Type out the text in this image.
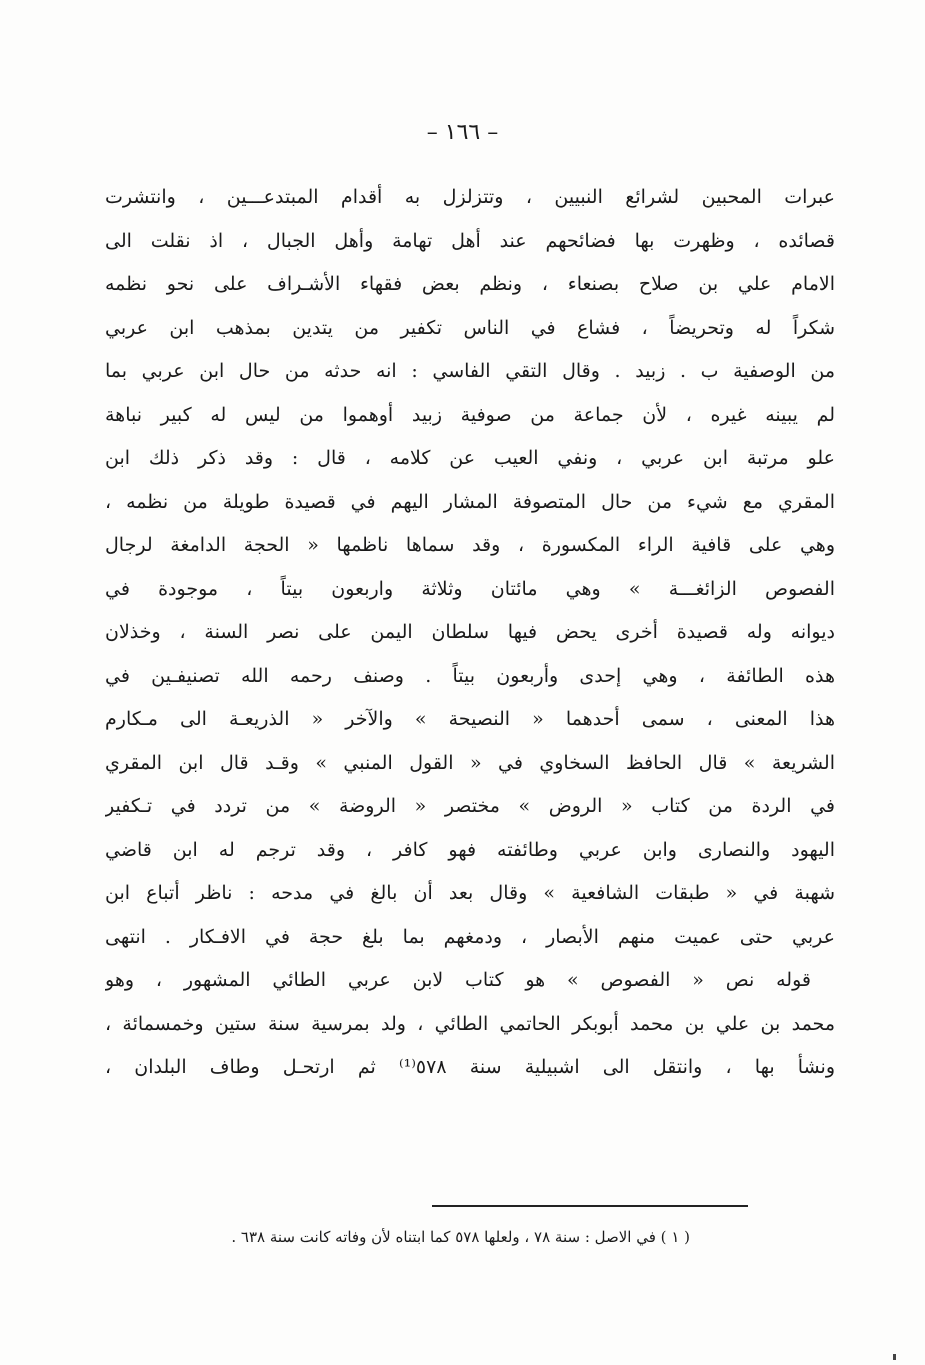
– ١٦٦ –
عبرات المحبين لشرائع النبيين ، وتتزلزل به أقدام المبتدعـــين ، وانتشرت
قصائده ، وظهرت بها فضائحهم عند أهل تهامة وأهل الجبال ، اذ نقلت الى
الامام علي بن صلاح بصنعاء ، ونظم بعض فقهاء الأشـراف على نحو نظمه
شكراً له وتحريضاً ، فشاع في الناس تكفير من يتدين بمذهب ابن عربي
من الوصفية ب . زبيد . وقال التقي الفاسي : انه حدثه من حال ابن عربي بما
لم يبينه غيره ، لأن جماعة من صوفية زبيد أوهموا من ليس له كبير نباهة
علو مرتبة ابن عربي ، ونفي العيب عن كلامه ، قال : وقد ذكر ذلك ابن
المقري مع شيء من حال المتصوفة المشار اليهم في قصيدة طويلة من نظمه ،
وهي على قافية الراء المكسورة ، وقد سماها ناظمها « الحجة الدامغة لرجال
الفصوص الزائغـــة » وهي مائتان وثلاثة واربعون بيتاً ، موجودة في
ديوانه وله قصيدة أخرى يحض فيها سلطان اليمن على نصر السنة ، وخذلان
هذه الطائفة ، وهي إحدى وأربعون بيتاً . وصنف رحمه الله تصنيفـين في
هذا المعنى ، سمى أحدهما « النصيحة » والآخر « الذريعـة الى مـكارم
الشريعة » قال الحافظ السخاوي في « القول المنبي » وقـد قال ابن المقري
في الردة من كتاب « الروض » مختصر « الروضة » من تردد في تـكفير
اليهود والنصارى وابن عربي وطائفته فهو كافر ، وقد ترجم له ابن قاضي
شهبة في « طبقات الشافعية » وقال بعد أن بالغ في مدحه : ناظر أتباع ابن
عربي حتى عميت منهم الأبصار ، ودمغهم بما بلغ حجة في الافـكار . انتهى
قوله نص « الفصوص » هو كتاب لابن عربي الطائي المشهور ، وهو
محمد بن علي بن محمد أبوبكر الحاتمي الطائي ، ولد بمرسية سنة ستين وخمسمائة ،
ونشأ بها ، وانتقل الى اشبيلية سنة ٥٧٨⁽¹⁾ ثم ارتحـل وطاف البلدان ،
( ١ ) في الاصل : سنة ٧٨ ، ولعلها ٥٧٨ كما ابتناه لأن وفاته كانت سنة ٦٣٨ .
